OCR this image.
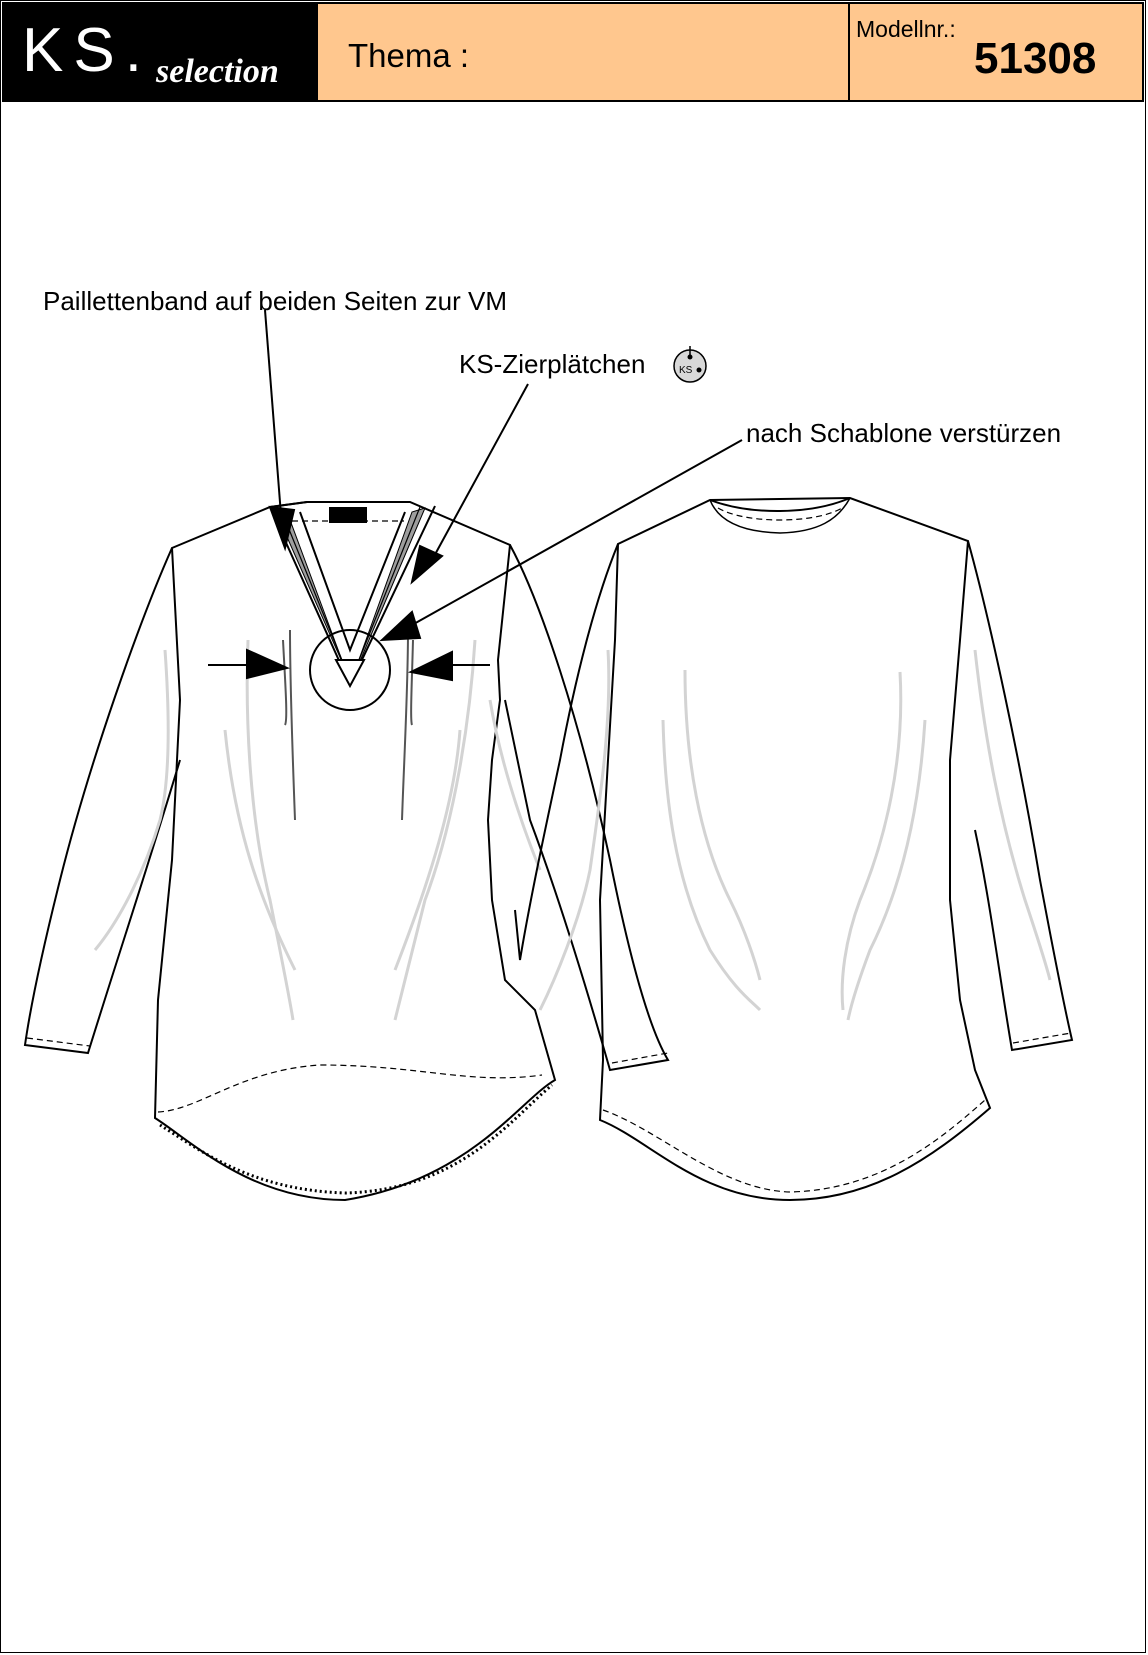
KS. selection Thema :
Modellnr.:
51308
Paillettenband auf beiden Seiten zur VM
KS-Zierplätchen
nach Schablone verstürzen
KS
